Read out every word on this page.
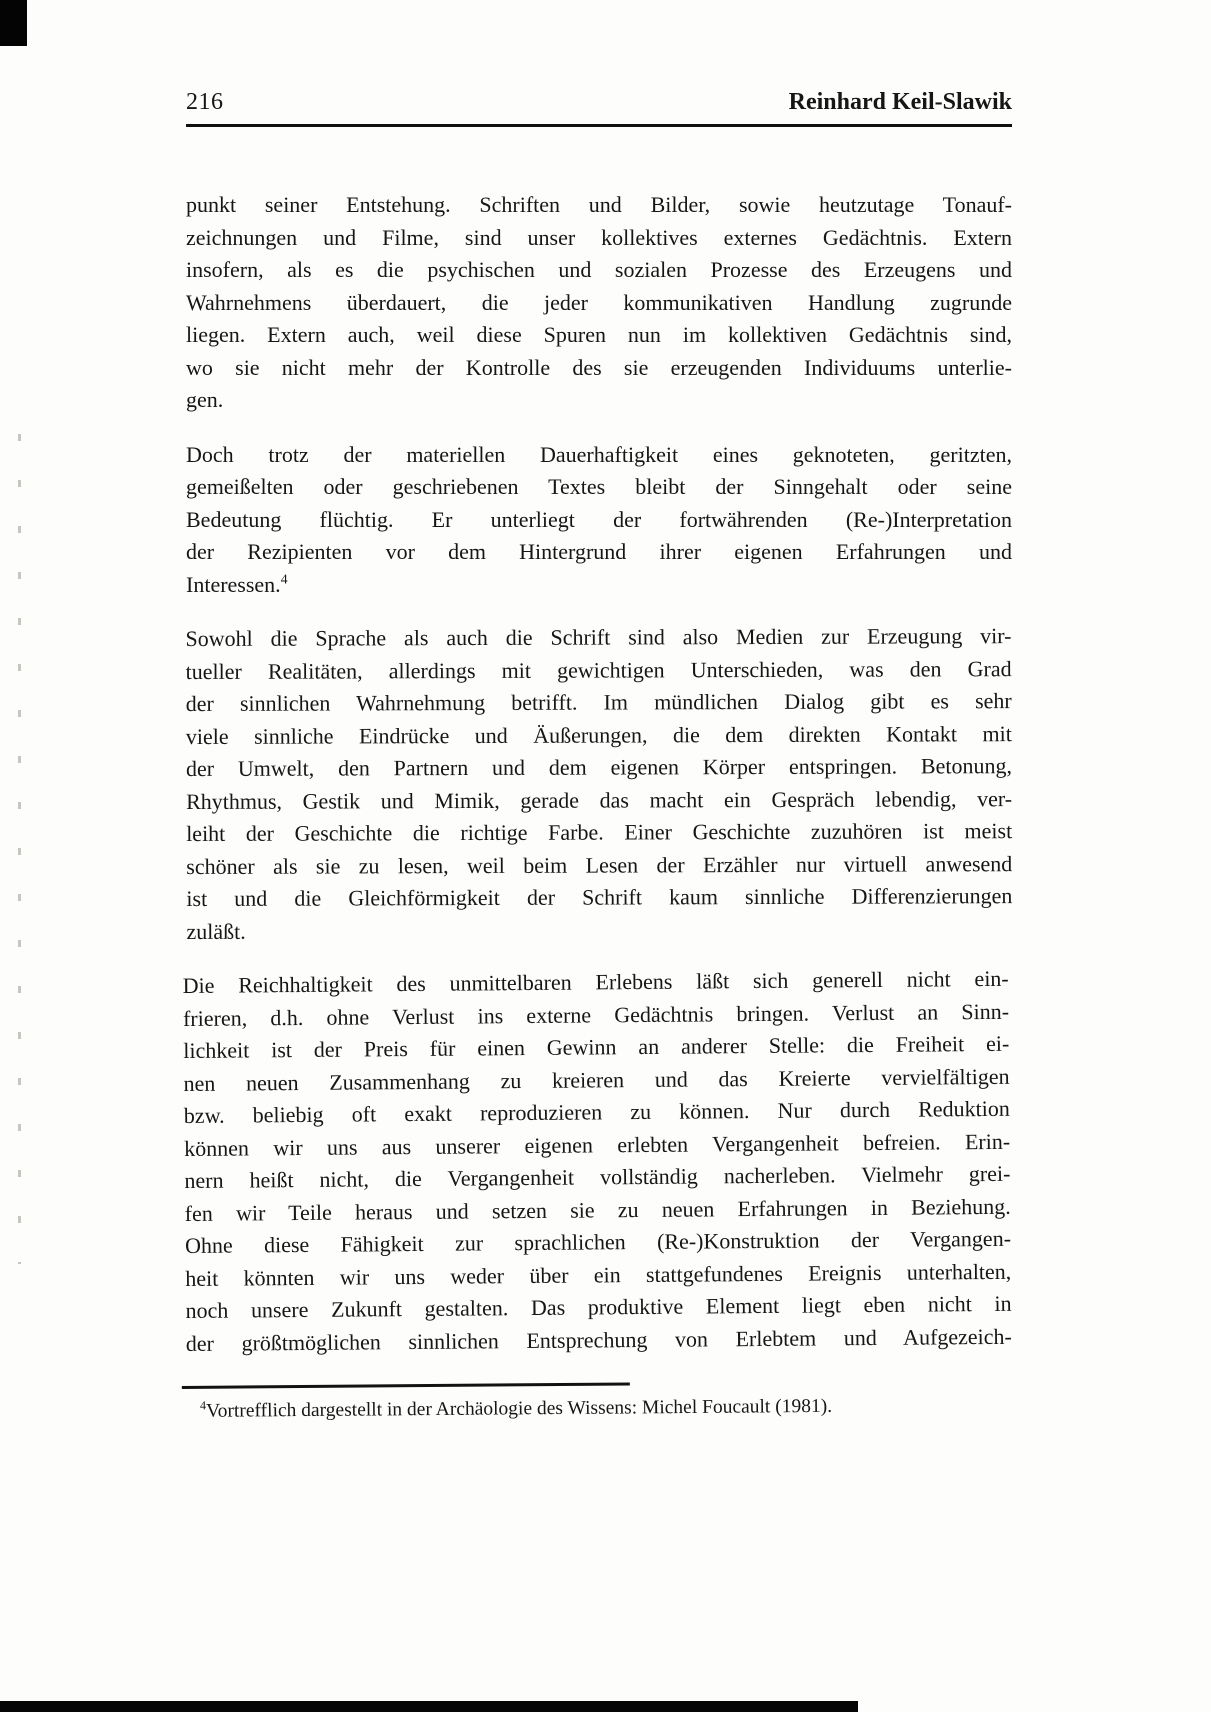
216	Reinhard Keil-Slawik
punkt seiner Entstehung. Schriften und Bilder, sowie heutzutage Tonauf-
zeichnungen und Filme, sind unser kollektives externes Gedächtnis. Extern
insofern, als es die psychischen und sozialen Prozesse des Erzeugens und
Wahrnehmens überdauert, die jeder kommunikativen Handlung zugrunde
liegen. Extern auch, weil diese Spuren nun im kollektiven Gedächtnis sind,
wo sie nicht mehr der Kontrolle des sie erzeugenden Individuums unterlie-
gen.
Doch trotz der materiellen Dauerhaftigkeit eines geknoteten, geritzten,
gemeißelten oder geschriebenen Textes bleibt der Sinngehalt oder seine
Bedeutung flüchtig. Er unterliegt der fortwährenden (Re-)Interpretation
der Rezipienten vor dem Hintergrund ihrer eigenen Erfahrungen und
Interessen.$^4$
Sowohl die Sprache als auch die Schrift sind also Medien zur Erzeugung vir-
tueller Realitäten, allerdings mit gewichtigen Unterschieden, was den Grad
der sinnlichen Wahrnehmung betrifft. Im mündlichen Dialog gibt es sehr
viele sinnliche Eindrücke und Äußerungen, die dem direkten Kontakt mit
der Umwelt, den Partnern und dem eigenen Körper entspringen. Betonung,
Rhythmus, Gestik und Mimik, gerade das macht ein Gespräch lebendig, ver-
leiht der Geschichte die richtige Farbe. Einer Geschichte zuzuhören ist meist
schöner als sie zu lesen, weil beim Lesen der Erzähler nur virtuell anwesend
ist und die Gleichförmigkeit der Schrift kaum sinnliche Differenzierungen
zuläßt.
Die Reichhaltigkeit des unmittelbaren Erlebens läßt sich generell nicht ein-
frieren, d.h. ohne Verlust ins externe Gedächtnis bringen. Verlust an Sinn-
lichkeit ist der Preis für einen Gewinn an anderer Stelle: die Freiheit ei-
nen neuen Zusammenhang zu kreieren und das Kreierte vervielfältigen
bzw. beliebig oft exakt reproduzieren zu können. Nur durch Reduktion
können wir uns aus unserer eigenen erlebten Vergangenheit befreien. Erin-
nern heißt nicht, die Vergangenheit vollständig nacherleben. Vielmehr grei-
fen wir Teile heraus und setzen sie zu neuen Erfahrungen in Beziehung.
Ohne diese Fähigkeit zur sprachlichen (Re-)Konstruktion der Vergangen-
heit könnten wir uns weder über ein stattgefundenes Ereignis unterhalten,
noch unsere Zukunft gestalten. Das produktive Element liegt eben nicht in
der größtmöglichen sinnlichen Entsprechung von Erlebtem und Aufgezeich-

$^4$Vortrefflich dargestellt in der Archäologie des Wissens: Michel Foucault (1981).
